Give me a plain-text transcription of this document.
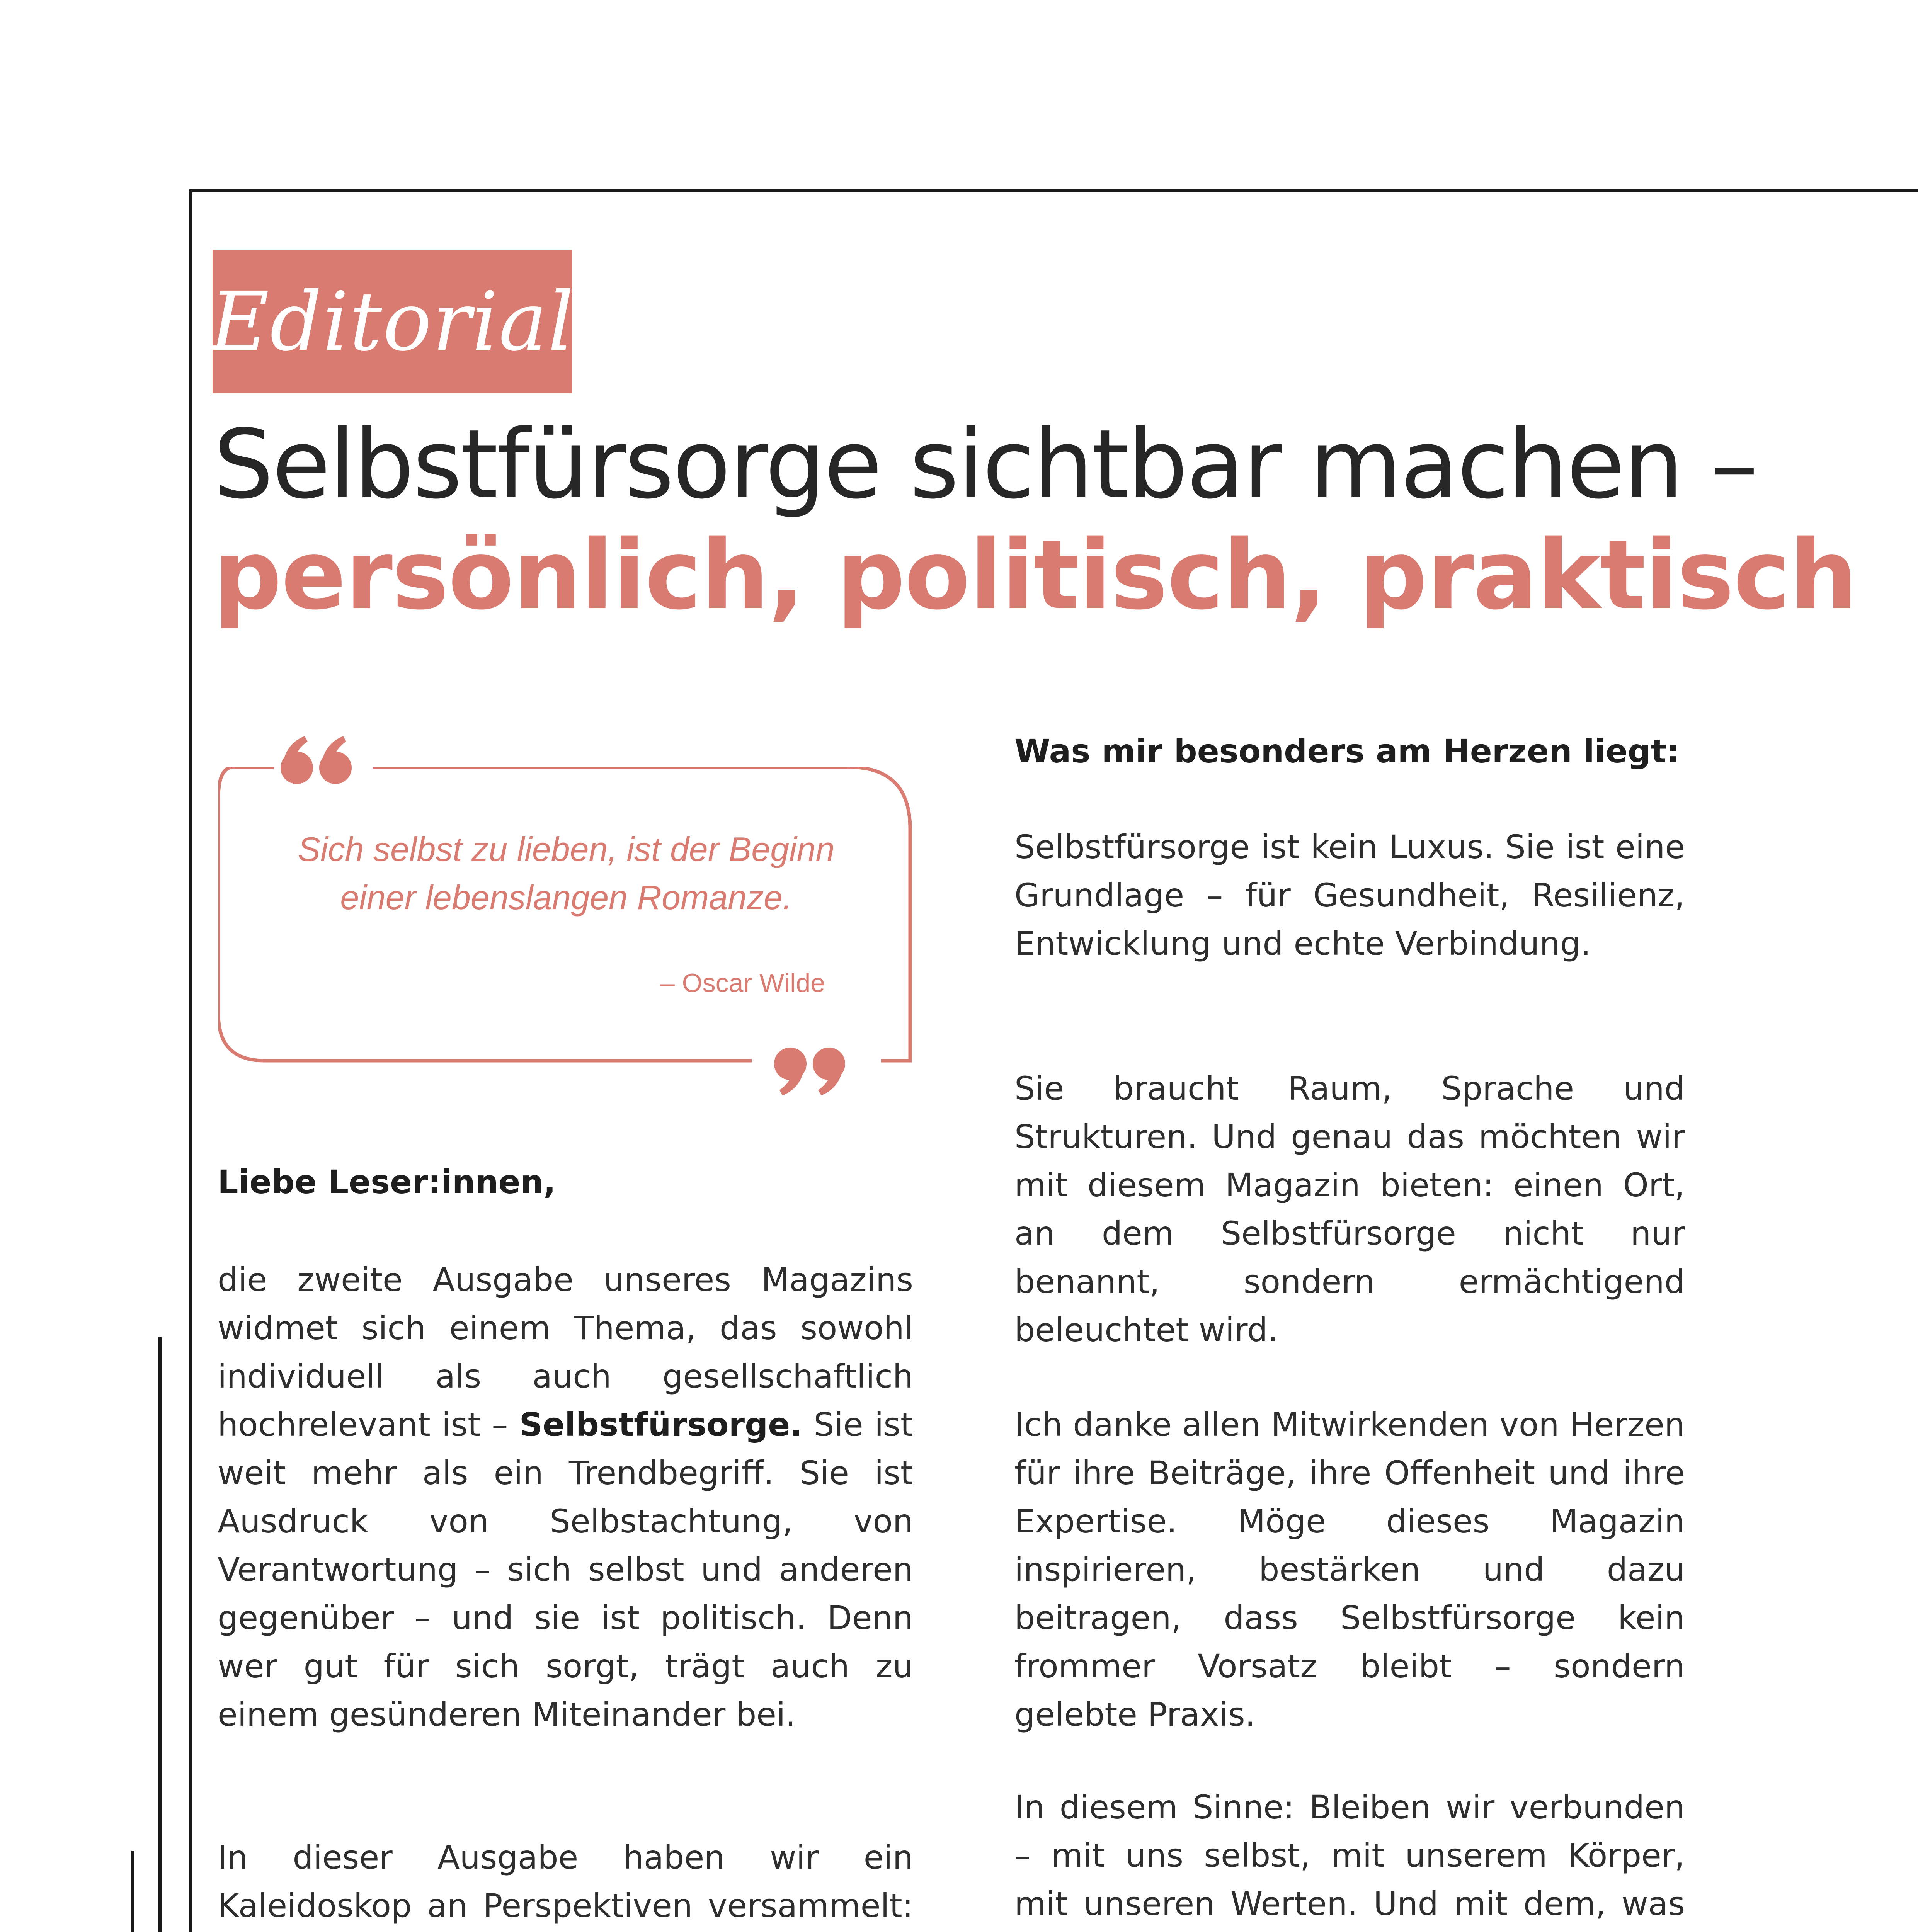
Editorial
Selbstfürsorge sichtbar machen –
persönlich, politisch, praktisch
Sich selbst zu lieben, ist der Beginn einer lebenslangen Romanze.
– Oscar Wilde
Liebe Leser:innen,
die zweite Ausgabe unseres Magazins widmet sich einem Thema, das sowohl individuell als auch gesellschaftlich hochrelevant ist – Selbstfürsorge. Sie ist weit mehr als ein Trendbegriff. Sie ist Ausdruck von Selbstachtung, von Verantwortung – sich selbst und anderen gegenüber – und sie ist politisch. Denn wer gut für sich sorgt, trägt auch zu einem gesünderen Miteinander bei.
In dieser Ausgabe haben wir ein Kaleidoskop an Perspektiven versammelt:
Was mir besonders am Herzen liegt:
Selbstfürsorge ist kein Luxus. Sie ist eine Grundlage – für Gesundheit, Resilienz, Entwicklung und echte Verbindung.
Sie braucht Raum, Sprache und Strukturen. Und genau das möchten wir mit diesem Magazin bieten: einen Ort, an dem Selbstfürsorge nicht nur benannt, sondern ermächtigend beleuchtet wird.
Ich danke allen Mitwirkenden von Herzen für ihre Beiträge, ihre Offenheit und ihre Expertise. Möge dieses Magazin inspirieren, bestärken und dazu beitragen, dass Selbstfürsorge kein frommer Vorsatz bleibt – sondern gelebte Praxis.
In diesem Sinne: Bleiben wir verbunden – mit uns selbst, mit unserem Körper, mit unseren Werten. Und mit dem, was
